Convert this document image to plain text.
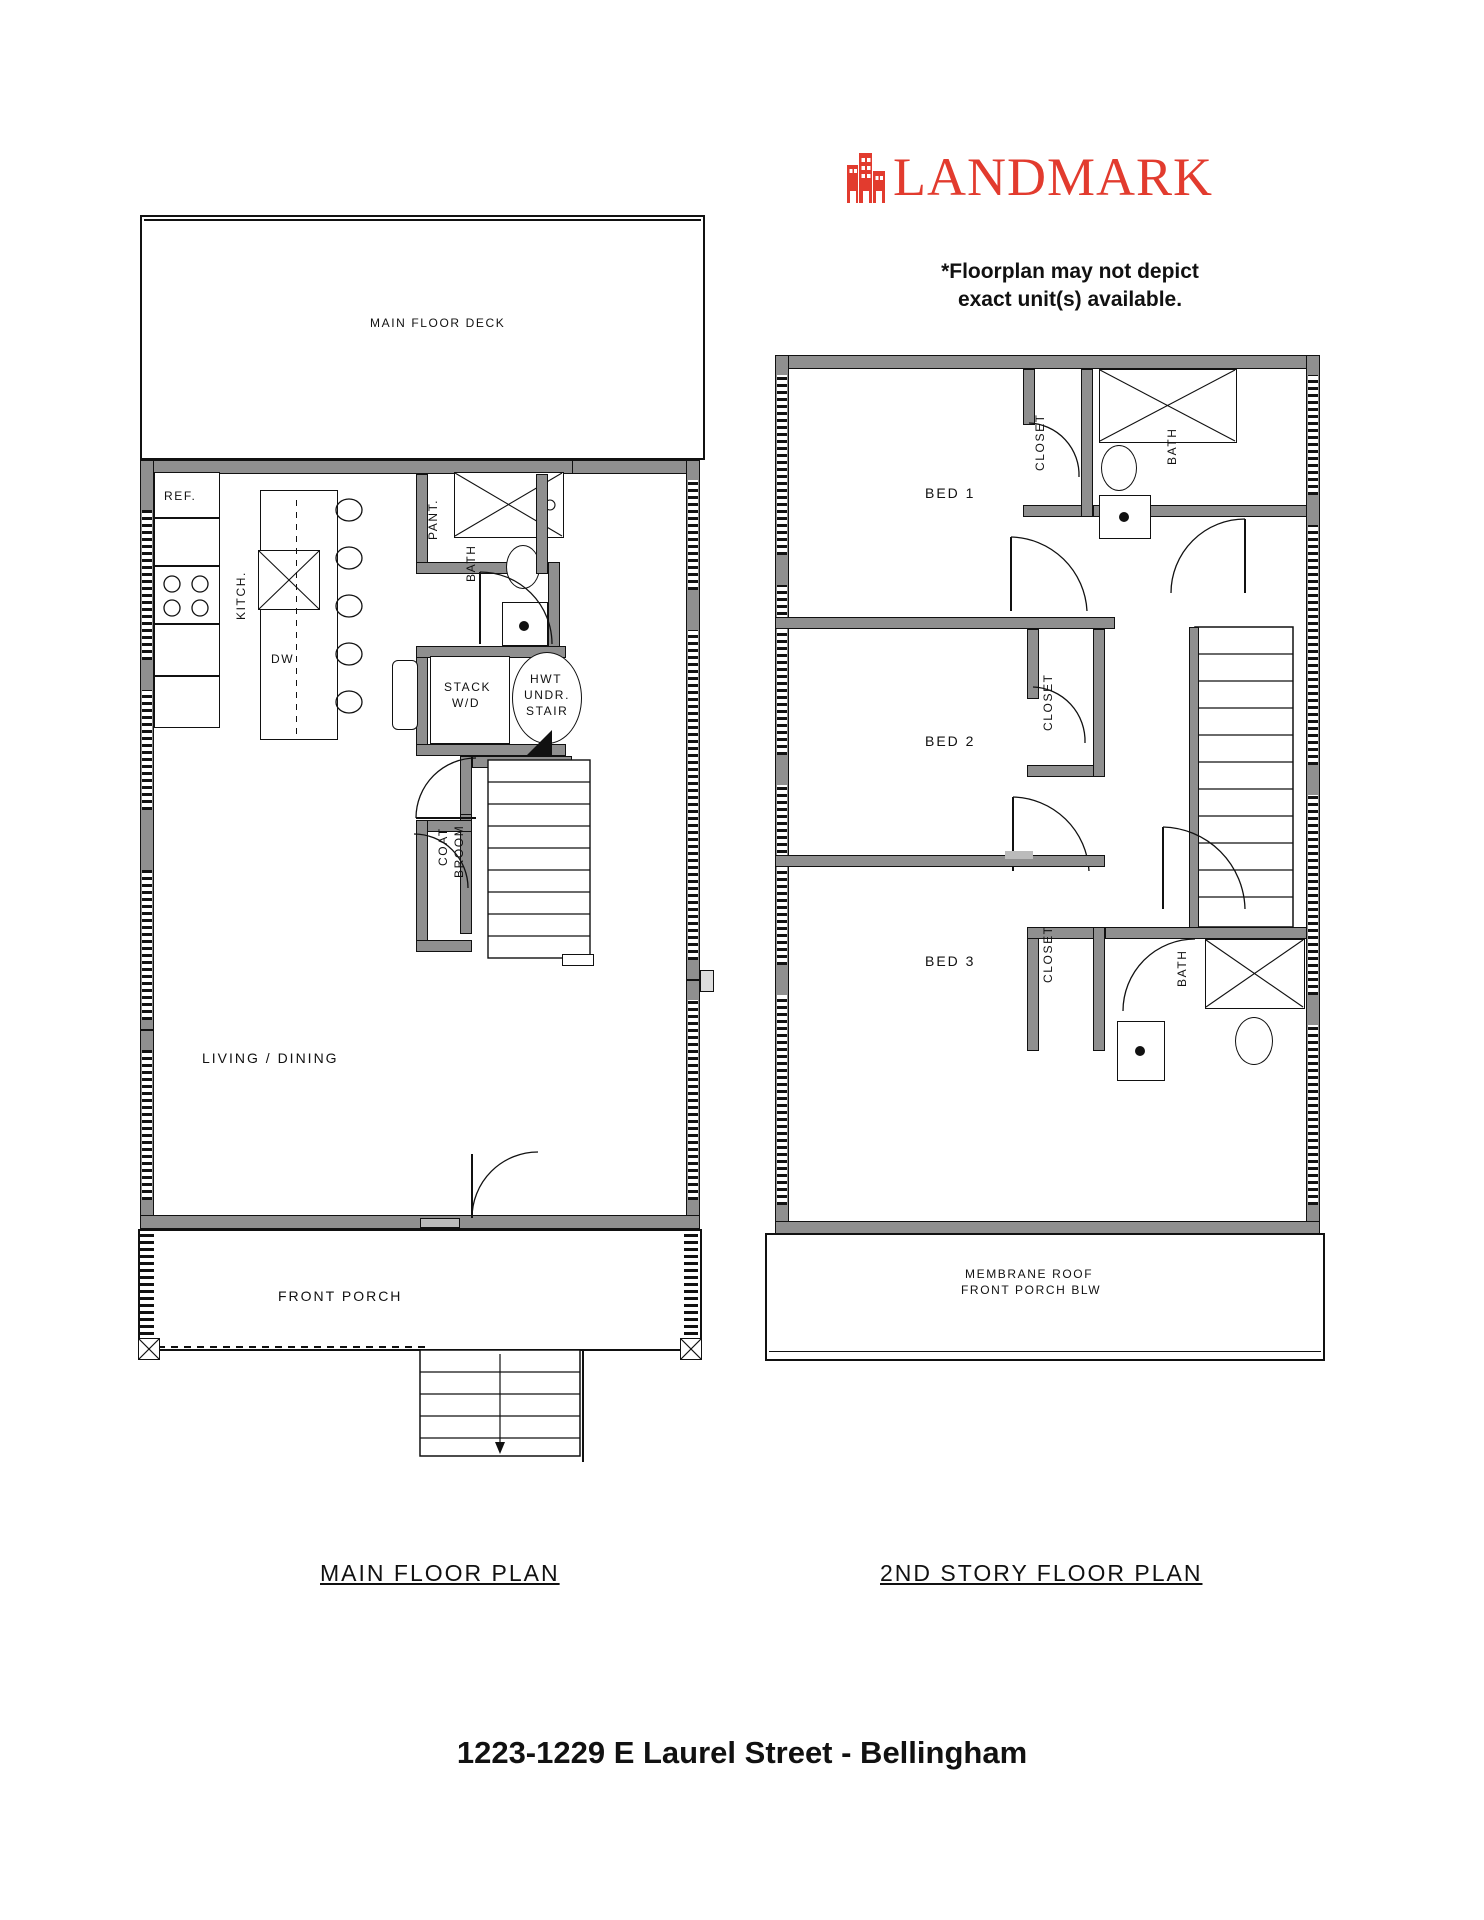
LANDMARK
*Floorplan may not depict
exact unit(s) available.
MAIN FLOOR DECK
REF.
KITCH.
DW
PANT.
BATH
STACK
W/D
HWT
UNDR.
STAIR
COAT BROOM
LIVING / DINING
FRONT PORCH
MAIN FLOOR PLAN
BED 1
CLOSET	BATH
BED 2
CLOSET
BED 3	CLOSET	BATH
MEMBRANE ROOF
FRONT PORCH BLW
2ND STORY FLOOR PLAN
1223-1229 E Laurel Street - Bellingham
